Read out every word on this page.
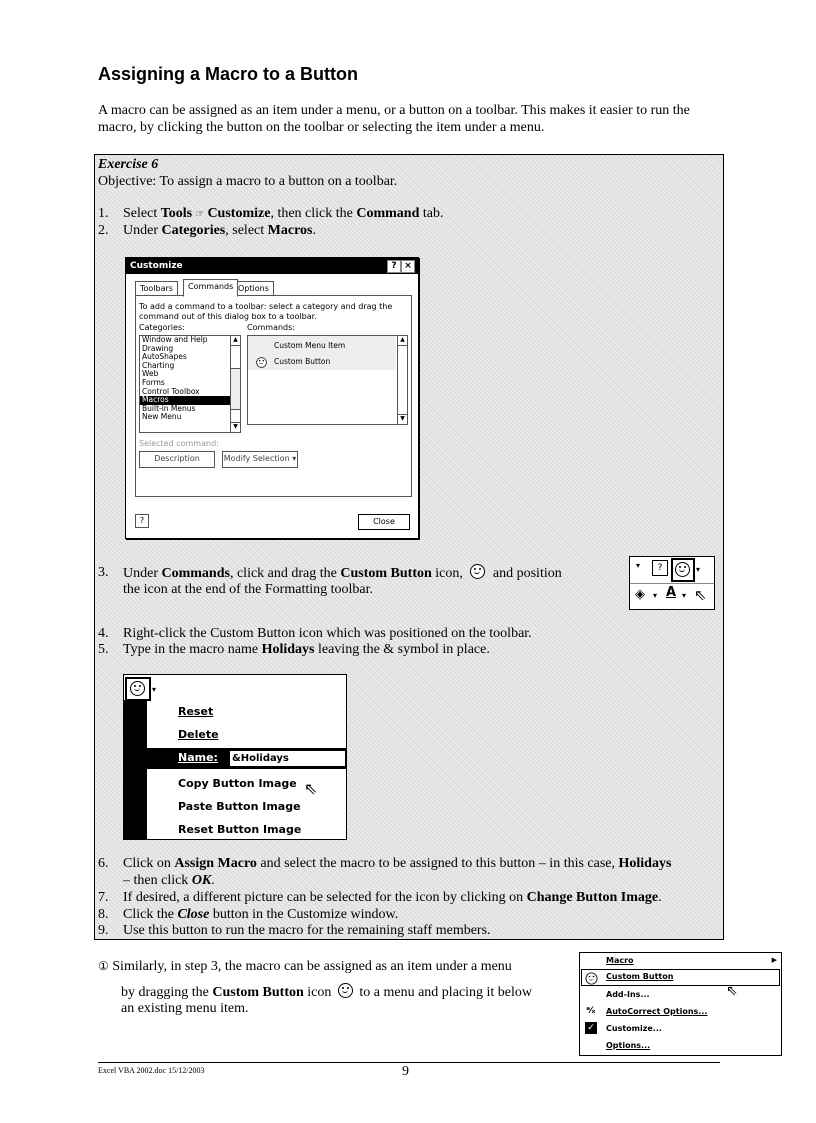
Assigning a Macro to a Button

A macro can be assigned as an item under a menu, or a button on a toolbar. This makes it easier to run the macro, by clicking the button on the toolbar or selecting the item under a menu.

Exercise 6
Objective: To assign a macro to a button on a toolbar.
1. Select Tools ☞ Customize, then click the Command tab.
2. Under Categories, select Macros.
Customize	? ×
Toolbars	Commands Options
To add a command to a toolbar: select a category and drag the
command out of this dialog box to a toolbar.
Categories:	Commands:
Window and Help
Drawing
AutoShapes
Charting
Web
Forms
Control Toolbox
Macros
Built-in Menus
New Menu
▲
▼
Custom Menu Item
Custom Button
▲
▼
Selected command:
Description	Modify Selection ▾
?	Close
3. Under Commands, click and drag the Custom Button icon,  and position
the icon at the end of the Formatting toolbar.
▾	?	▾
◈ ▾ A ▾ ⇖
4. Right-click the Custom Button icon which was positioned on the toolbar.
5. Type in the macro name Holidays leaving the & symbol in place.
▾
Reset
Delete
Name:	&Holidays
Copy Button Image ⇖
Paste Button Image
Reset Button Image
6. Click on Assign Macro and select the macro to be assigned to this button – in this case, Holidays
– then click OK.
7. If desired, a different picture can be selected for the icon by clicking on Change Button Image.
8. Click the Close button in the Customize window.
9. Use this button to run the macro for the remaining staff members.
① Similarly, in step 3, the macro can be assigned as an item under a menu
by dragging the Custom Button icon  to a menu and placing it below
an existing menu item.
Macro	▶
Custom Button
Add-Ins...	⇖
ᵃ⁄ₓ AutoCorrect Options...
✓ Customize...
Options...
Excel VBA 2002.doc 15/12/2003	9
